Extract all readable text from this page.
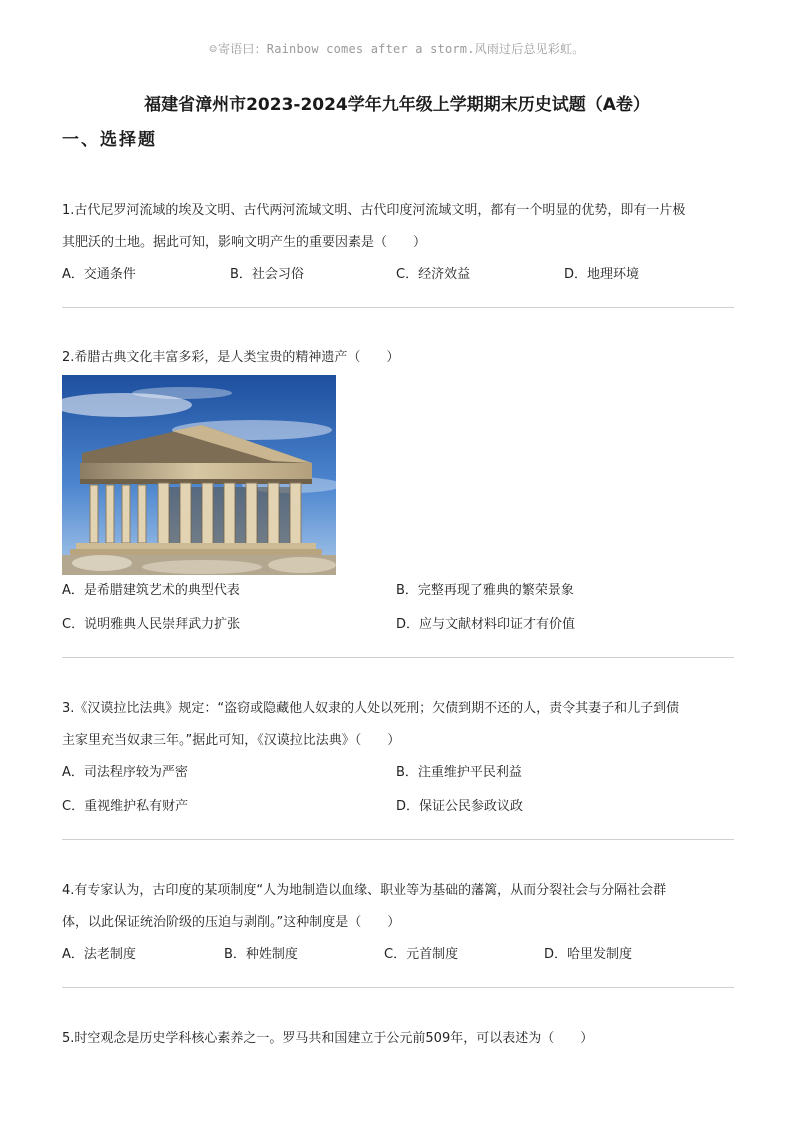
☺寄语曰：Rainbow comes after a storm.风雨过后总见彩虹。
福建省漳州市2023-2024学年九年级上学期期末历史试题（A卷）
一、选择题

1.古代尼罗河流域的埃及文明、古代两河流域文明、古代印度河流域文明，都有一个明显的优势，即有一片极

其肥沃的土地。据此可知，影响文明产生的重要因素是（　　）

A．交通条件	B．社会习俗	C．经济效益	D．地理环境

2.希腊古典文化丰富多彩，是人类宝贵的精神遗产（　　）

A．是希腊建筑艺术的典型代表	B．完整再现了雅典的繁荣景象
C．说明雅典人民崇拜武力扩张	D．应与文献材料印证才有价值

3.《汉谟拉比法典》规定：“盗窃或隐藏他人奴隶的人处以死刑；欠债到期不还的人，责令其妻子和儿子到债

主家里充当奴隶三年。”据此可知，《汉谟拉比法典》（　　）

A．司法程序较为严密	B．注重维护平民利益
C．重视维护私有财产	D．保证公民参政议政

4.有专家认为，古印度的某项制度“人为地制造以血缘、职业等为基础的藩篱，从而分裂社会与分隔社会群

体，以此保证统治阶级的压迫与剥削。”这种制度是（　　）

A．法老制度	B．种姓制度	C．元首制度	D．哈里发制度

5.时空观念是历史学科核心素养之一。罗马共和国建立于公元前509年，可以表述为（　　）
